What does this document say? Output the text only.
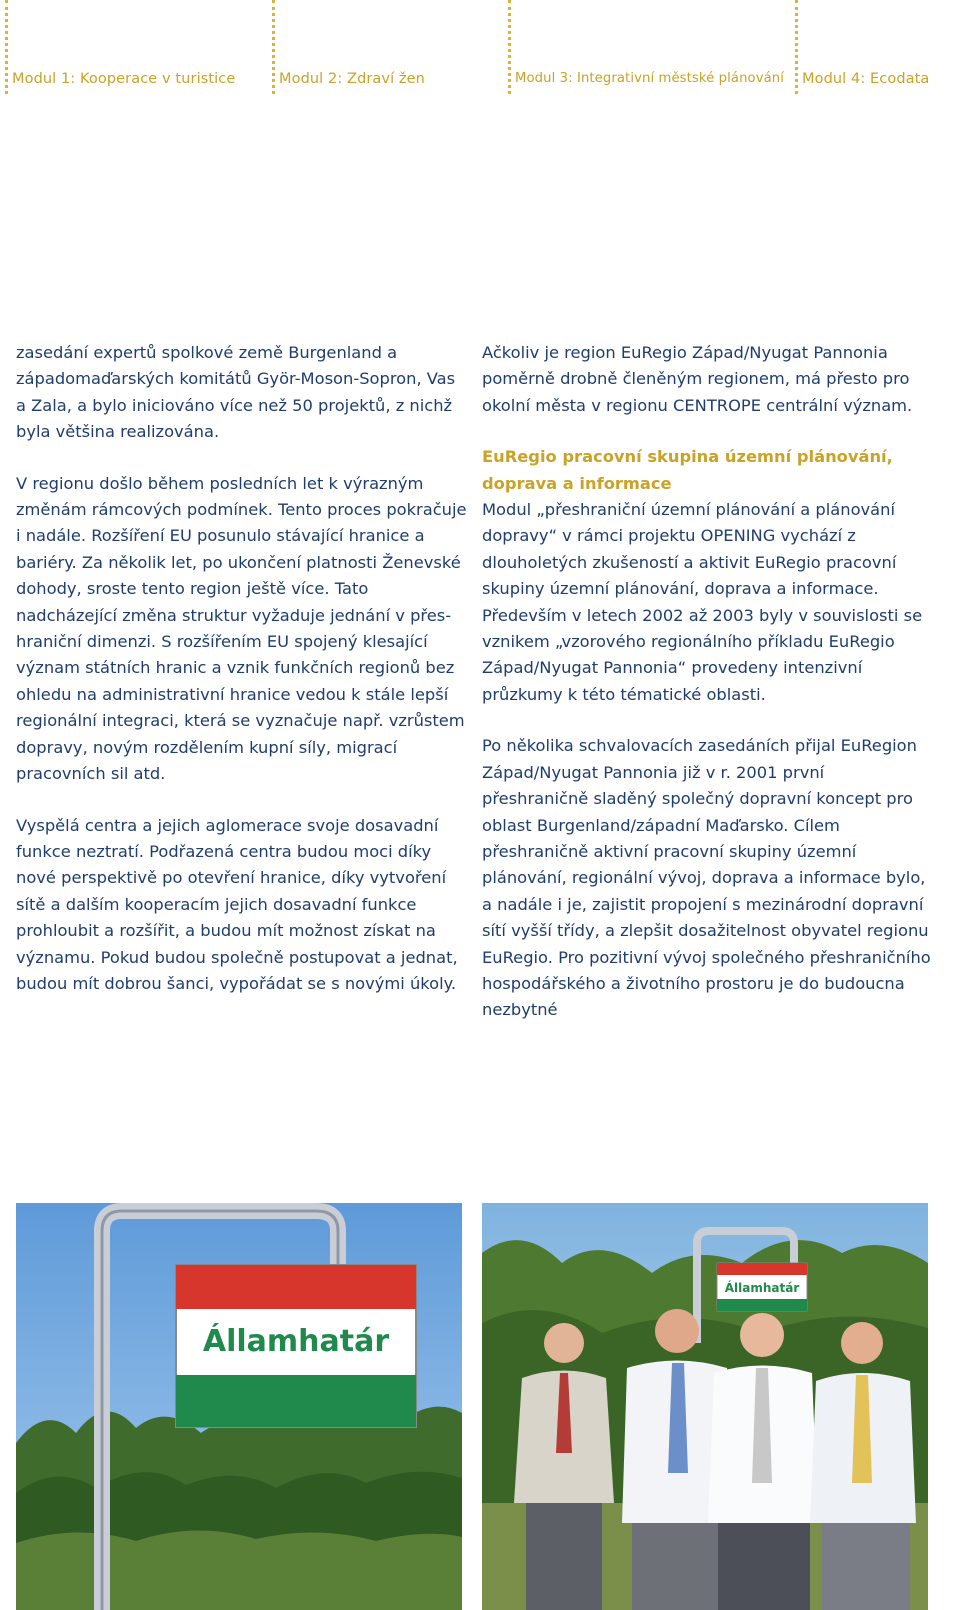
Modul 1: Kooperace v turistice	Modul 2: Zdraví žen	Modul 3: Integrativní městské plánování Modul 4: Ecodata

zasedání expertů spolkové země Burgenland a západomaďarských komitátů Györ-Moson-Sopron, Vas a Zala, a bylo iniciováno více než 50 projektů, z nichž byla většina realizována.

V regionu došlo během posledních let k výrazným změnám rámcových podmínek. Tento proces pokračuje i nadále. Rozšíření EU posunulo stávající hranice a bariéry. Za několik let, po ukončení platnosti Ženevské dohody, sroste tento region ještě více. Tato nadcházející změna struktur vyžaduje jednání v přes-hraniční dimenzi. S rozšířením EU spojený klesající význam státních hranic a vznik funkčních regionů bez ohledu na administrativní hranice vedou k stále lepší regionální integraci, která se vyznačuje např. vzrůstem dopravy, novým rozdělením kupní síly, migrací pracovních sil atd.

Vyspělá centra a jejich aglomerace svoje dosavadní funkce neztratí. Podřazená centra budou moci díky nové perspektivě po otevření hranice, díky vytvoření sítě a dalším kooperacím jejich dosavadní funkce prohloubit a rozšířit, a budou mít možnost získat na významu. Pokud budou společně postupovat a jednat, budou mít dobrou šanci, vypořádat se s novými úkoly.

Ačkoliv je region EuRegio Západ/Nyugat Pannonia poměrně drobně členěným regionem, má přesto pro okolní města v regionu CENTROPE centrální význam.

EuRegio pracovní skupina územní plánování, doprava a informace

Modul „přeshraniční územní plánování a plánování dopravy“ v rámci projektu OPENING vychází z dlouholetých zkušeností a aktivit EuRegio pracovní skupiny územní plánování, doprava a informace. Především v letech 2002 až 2003 byly v souvislosti se vznikem „vzorového regionálního příkladu EuRegio Západ/Nyugat Pannonia“ provedeny intenzivní průzkumy k této tématické oblasti.

Po několika schvalovacích zasedáních přijal EuRegion Západ/Nyugat Pannonia již v r. 2001 první přeshraničně sladěný společný dopravní koncept pro oblast Burgenland/západní Maďarsko. Cílem přeshraničně aktivní pracovní skupiny územní plánování, regionální vývoj, doprava a informace bylo, a nadále i je, zajistit propojení s mezinárodní dopravní sítí vyšší třídy, a zlepšit dosažitelnost obyvatel regionu EuRegio. Pro pozitivní vývoj společného přeshraničního hospodářského a životního prostoru je do budoucna nezbytné

Államhatár
Államhatár
